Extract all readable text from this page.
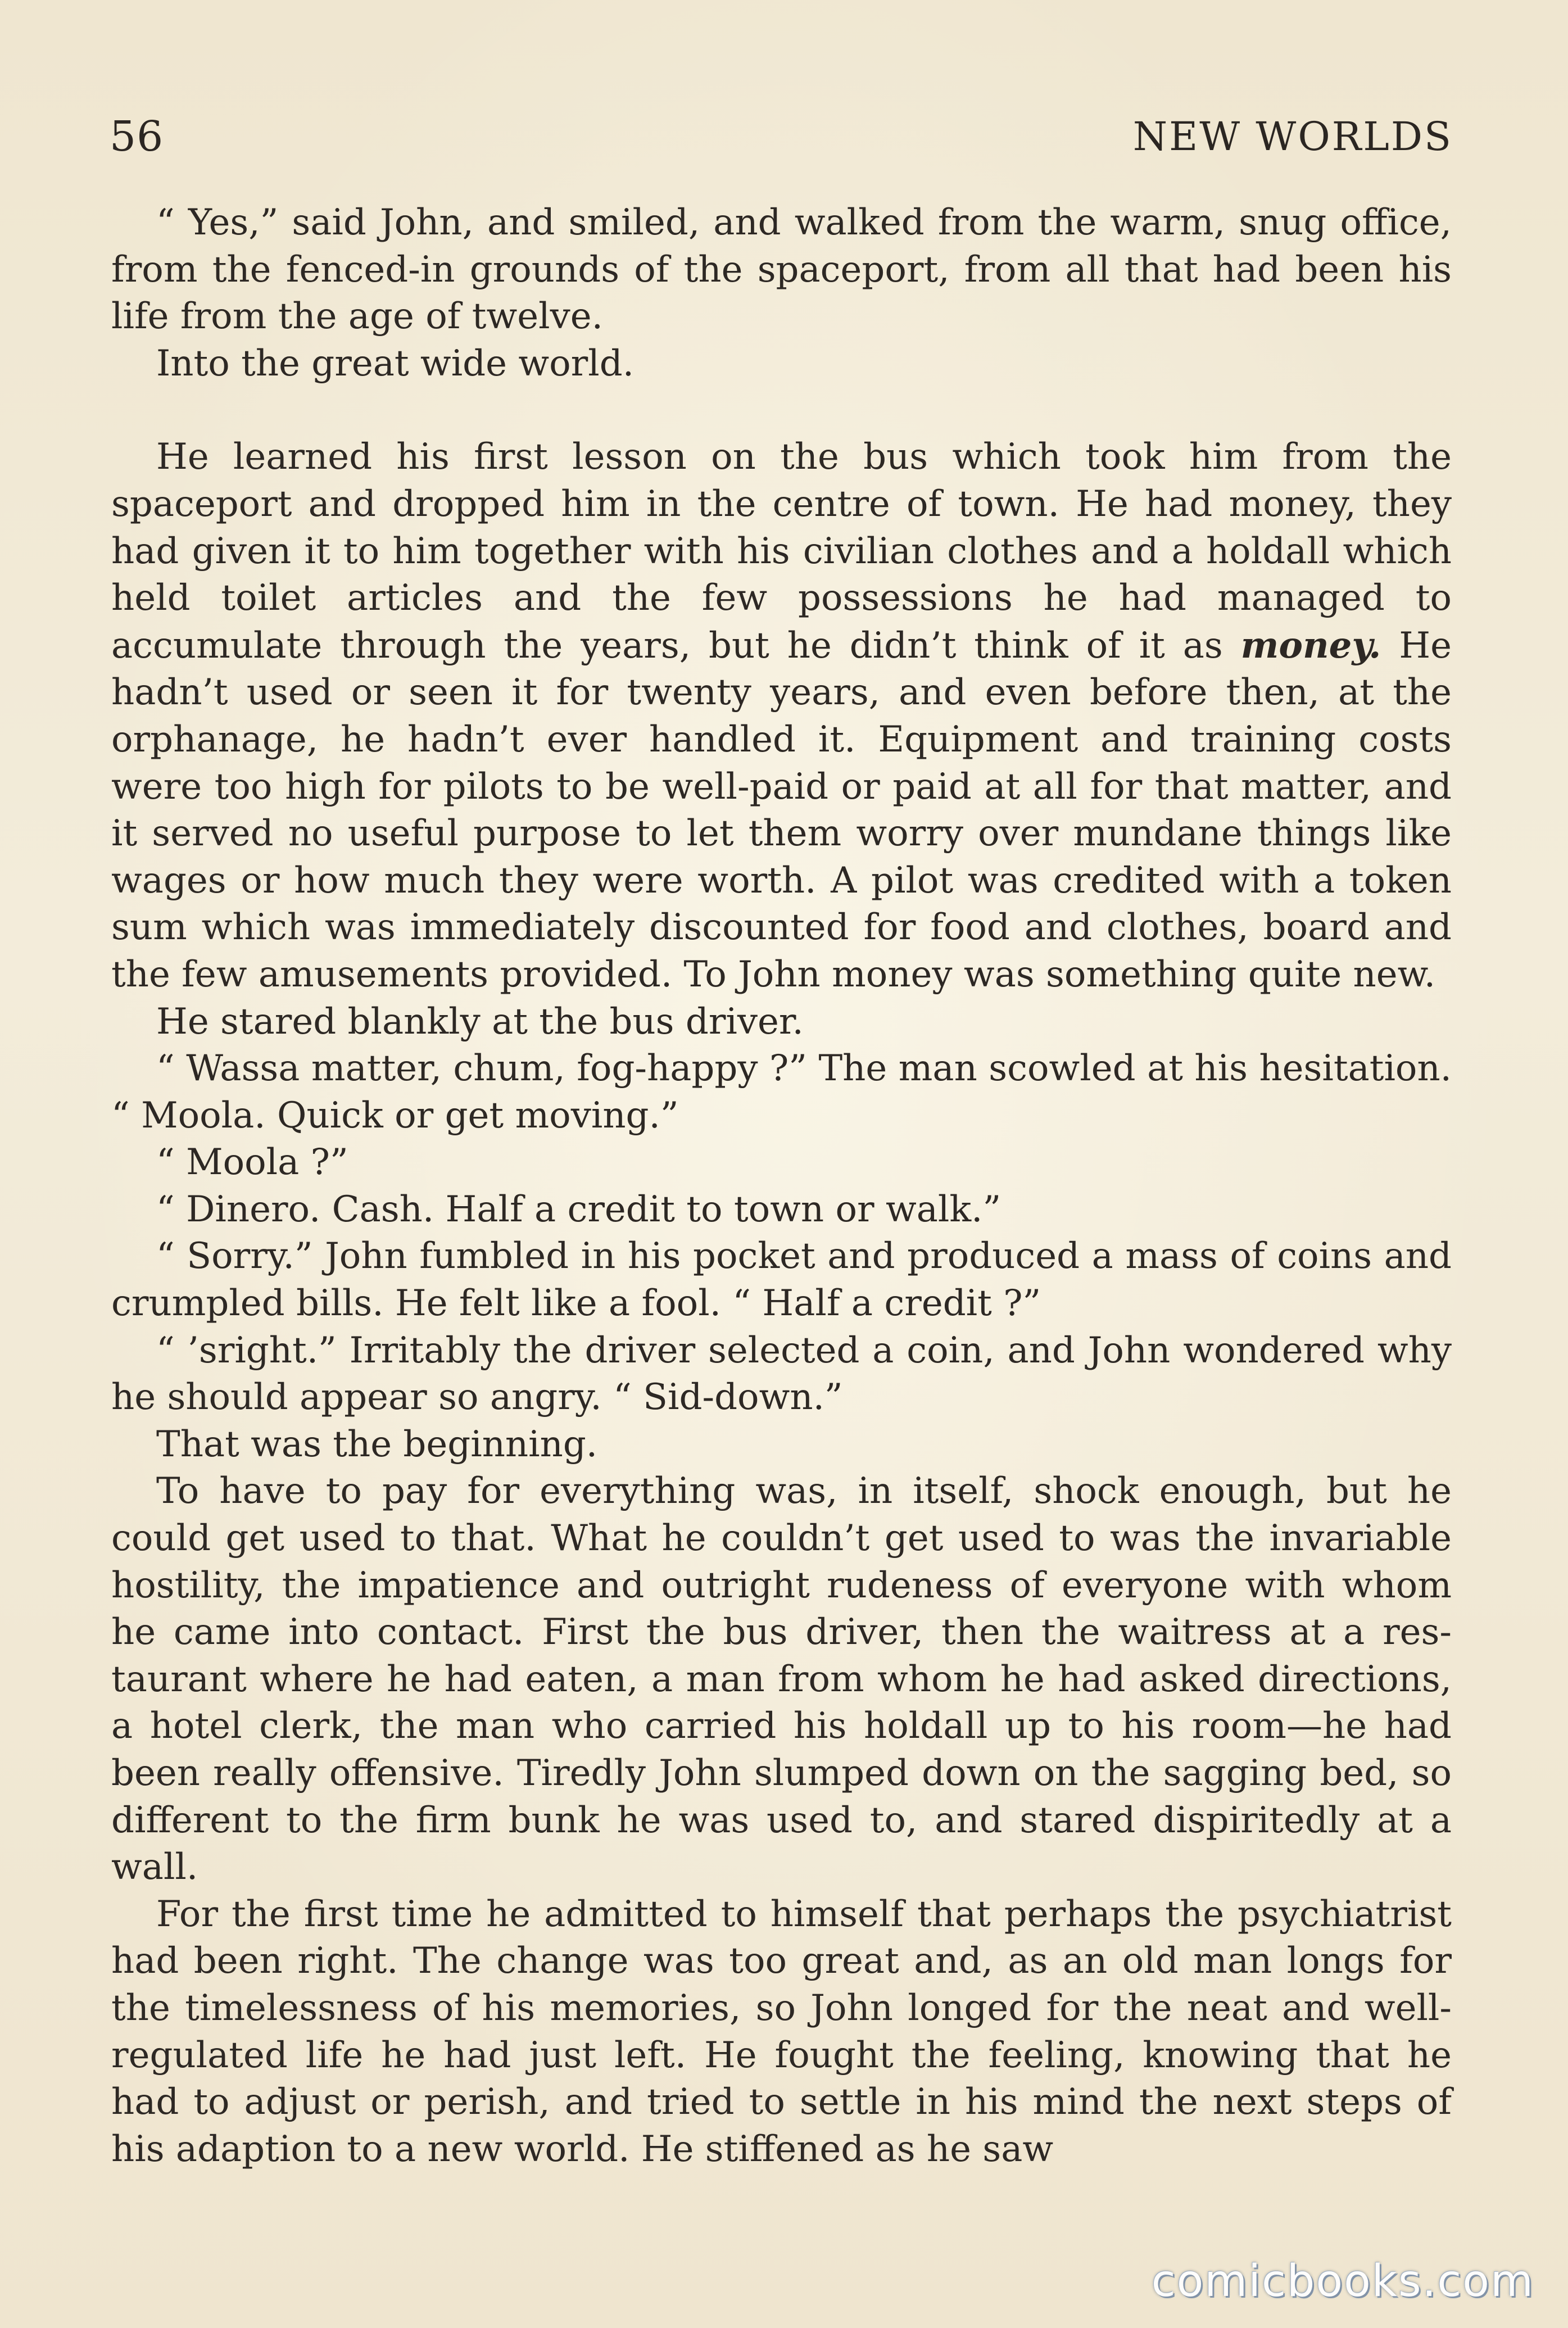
56	NEW WORLDS

“ Yes,” said John, and smiled, and walked from the warm, snug office, from the fenced-in grounds of the spaceport, from all that had been his life from the age of twelve.

Into the great wide world.

He learned his first lesson on the bus which took him from the spaceport and dropped him in the centre of town. He had money, they had given it to him together with his civilian clothes and a holdall which held toilet articles and the few possessions he had managed to accumulate through the years, but he didn’t think of it as money. He hadn’t used or seen it for twenty years, and even before then, at the orphanage, he hadn’t ever handled it. Equipment and training costs were too high for pilots to be well-paid or paid at all for that matter, and it served no useful purpose to let them worry over mundane things like wages or how much they were worth. A pilot was credited with a token sum which was immediately discounted for food and clothes, board and the few amusements provided. To John money was something quite new.

He stared blankly at the bus driver.

“ Wassa matter, chum, fog-happy ?” The man scowled at his hesitation. “ Moola. Quick or get moving.”

“ Moola ?”

“ Dinero. Cash. Half a credit to town or walk.”

“ Sorry.” John fumbled in his pocket and produced a mass of coins and crumpled bills. He felt like a fool. “ Half a credit ?”

“ ’sright.” Irritably the driver selected a coin, and John wondered why he should appear so angry. “ Sid-down.”

That was the beginning.

To have to pay for everything was, in itself, shock enough, but he could get used to that. What he couldn’t get used to was the invariable hostility, the impatience and outright rudeness of everyone with whom he came into contact. First the bus driver, then the waitress at a restaurant where he had eaten, a man from whom he had asked directions, a hotel clerk, the man who carried his holdall up to his room—he had been really offensive. Tiredly John slumped down on the sagging bed, so different to the firm bunk he was used to, and stared dispiritedly at a wall.

For the first time he admitted to himself that perhaps the psychiatrist had been right. The change was too great and, as an old man longs for the timelessness of his memories, so John longed for the neat and well-regulated life he had just left. He fought the feeling, knowing that he had to adjust or perish, and tried to settle in his mind the next steps of his adaption to a new world. He stiffened as he saw

comicbooks.com
